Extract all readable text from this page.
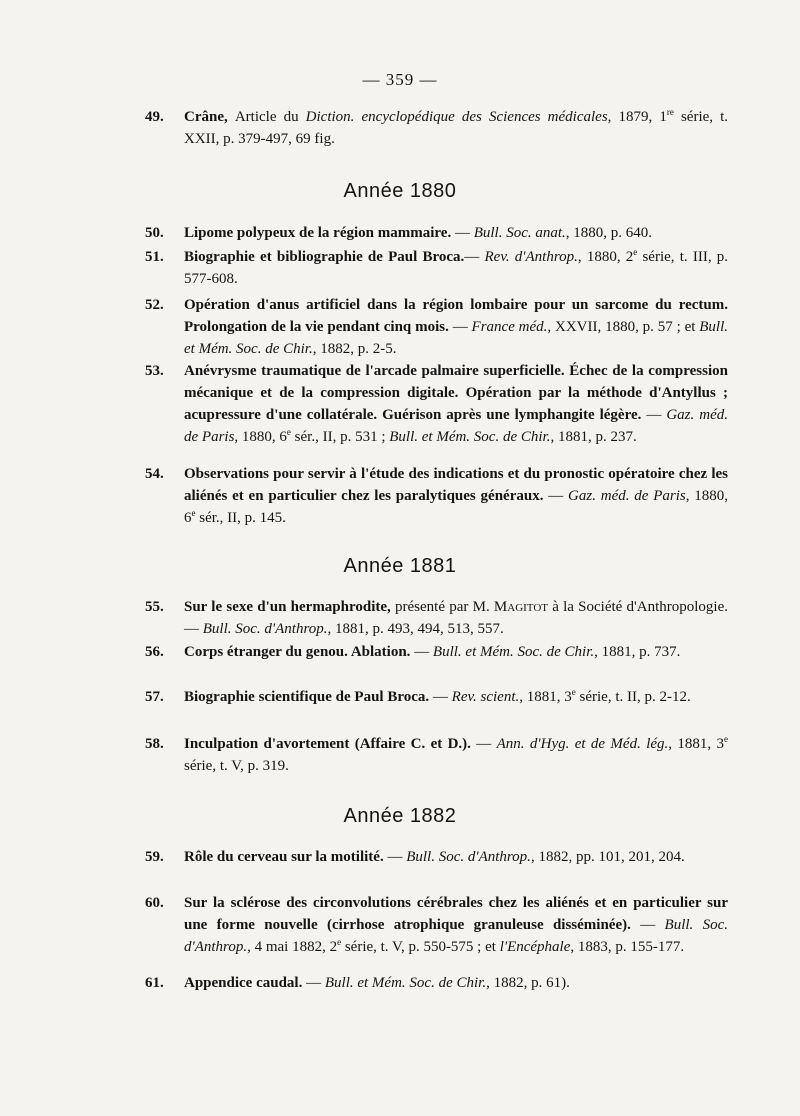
— 359 —

49. Crâne, Article du Diction. encyclopédique des Sciences médicales, 1879, 1re série, t. XXII, p. 379-497, 69 fig.

Année 1880

50. Lipome polypeux de la région mammaire. — Bull. Soc. anat., 1880, p. 640.

51. Biographie et bibliographie de Paul Broca.— Rev. d'Anthrop., 1880, 2e série, t. III, p. 577-608.

52. Opération d'anus artificiel dans la région lombaire pour un sarcome du rectum. Prolongation de la vie pendant cinq mois. — France méd., XXVII, 1880, p. 57 ; et Bull. et Mém. Soc. de Chir., 1882, p. 2-5.

53. Anévrysme traumatique de l'arcade palmaire superficielle. Échec de la compression mécanique et de la compression digitale. Opération par la méthode d'Antyllus ; acupressure d'une collatérale. Guérison après une lymphangite légère. — Gaz. méd. de Paris, 1880, 6e sér., II, p. 531 ; Bull. et Mém. Soc. de Chir., 1881, p. 237.

54. Observations pour servir à l'étude des indications et du pronostic opératoire chez les aliénés et en particulier chez les paralytiques généraux. — Gaz. méd. de Paris, 1880, 6e sér., II, p. 145.

Année 1881

55. Sur le sexe d'un hermaphrodite, présenté par M. Magitot à la Société d'Anthropologie. — Bull. Soc. d'Anthrop., 1881, p. 493, 494, 513, 557.

56. Corps étranger du genou. Ablation. — Bull. et Mém. Soc. de Chir., 1881, p. 737.

57. Biographie scientifique de Paul Broca. — Rev. scient., 1881, 3e série, t. II, p. 2-12.

58. Inculpation d'avortement (Affaire C. et D.). — Ann. d'Hyg. et de Méd. lég., 1881, 3e série, t. V, p. 319.

Année 1882

59. Rôle du cerveau sur la motilité. — Bull. Soc. d'Anthrop., 1882, pp. 101, 201, 204.

60. Sur la sclérose des circonvolutions cérébrales chez les aliénés et en particulier sur une forme nouvelle (cirrhose atrophique granuleuse disséminée). — Bull. Soc. d'Anthrop., 4 mai 1882, 2e série, t. V, p. 550-575 ; et l'Encéphale, 1883, p. 155-177.

61. Appendice caudal. — Bull. et Mém. Soc. de Chir., 1882, p. 61).
